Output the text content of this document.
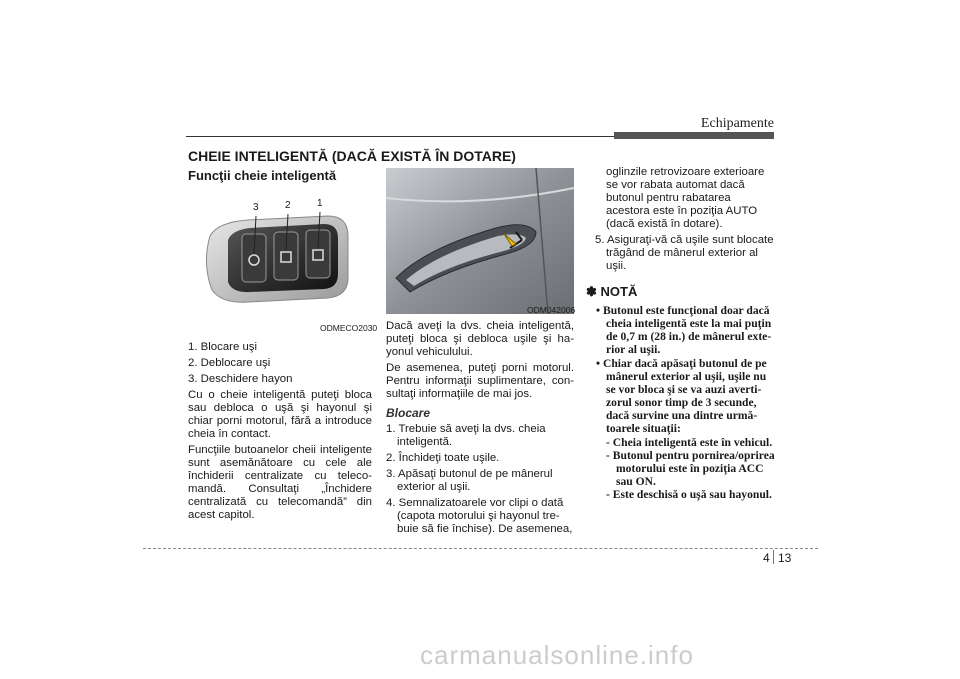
Echipamente
CHEIE INTELIGENTĂ (DACĂ EXISTĂ ÎN DOTARE)
Funcţii cheie inteligentă
3	2	1
ODMECO2030
ODM042006
1. Blocare uşi
2. Deblocare uşi
3. Deschidere hayon

Cu o cheie inteligentă puteţi bloca sau debloca o uşă şi hayonul şi chiar porni motorul, fără a introduce cheia în contact.

Funcţiile butoanelor cheii inteligente sunt asemănătoare cu cele ale închiderii centralizate cu telecomandă. Consultaţi „Închidere centralizată cu telecomandă” din acest capitol.

Dacă aveţi la dvs. cheia inteligentă, puteţi bloca şi debloca uşile şi hayonul vehiculului.

De asemenea, puteţi porni motorul. Pentru informaţii suplimentare, consultaţi informaţiile de mai jos.

Blocare
1. Trebuie să aveţi la dvs. cheia inteligentă.
2. Închideţi toate uşile.
3. Apăsaţi butonul de pe mânerul exterior al uşii.
4. Semnalizatoarele vor clipi o dată (capota motorului şi hayonul trebuie să fie închise). De asemenea,
oglinzile retrovizoare exterioare se vor rabata automat dacă butonul pentru rabatarea acestora este în poziţia AUTO (dacă există în dotare).
5. Asiguraţi-vă că uşile sunt blocate trăgând de mânerul exterior al uşii.
✽ NOTĂ
• Butonul este funcţional doar dacă cheia inteligentă este la mai puţin de 0,7 m (28 in.) de mânerul exterior al uşii.
• Chiar dacă apăsaţi butonul de pe mânerul exterior al uşii, uşile nu se vor bloca şi se va auzi avertizorul sonor timp de 3 secunde, dacă survine una dintre următoarele situaţii:
- Cheia inteligentă este în vehicul.
- Butonul pentru pornirea/oprirea motorului este în poziţia ACC sau ON.
- Este deschisă o uşă sau hayonul.
4 13
carmanualsonline.info
